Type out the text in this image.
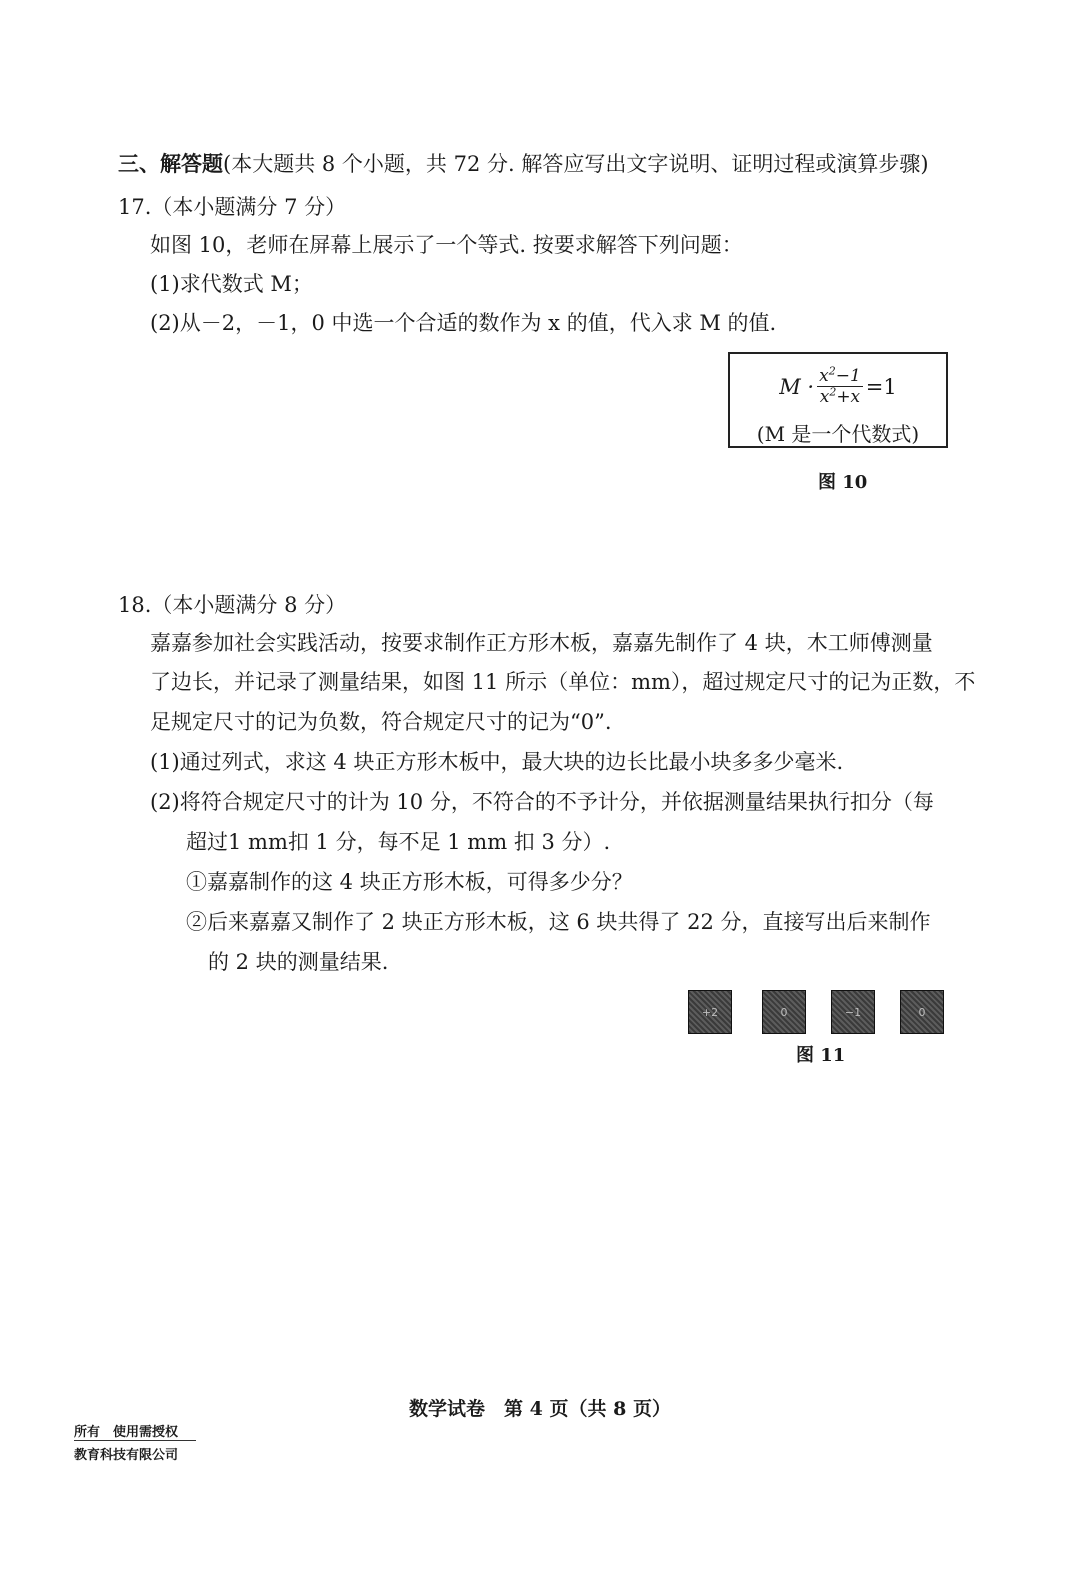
三、解答题(本大题共 8 个小题，共 72 分. 解答应写出文字说明、证明过程或演算步骤)
17.（本小题满分 7 分）
如图 10，老师在屏幕上展示了一个等式. 按要求解答下列问题：
(1)求代数式 M；
(2)从－2，－1，0 中选一个合适的数作为 x 的值，代入求 M 的值.
$M \cdot \frac{x^2-1}{x^2+x} =1$
(M 是一个代数式)
图 10
18.（本小题满分 8 分）
嘉嘉参加社会实践活动，按要求制作正方形木板，嘉嘉先制作了 4 块，木工师傅测量
了边长，并记录了测量结果，如图 11 所示（单位：mm），超过规定尺寸的记为正数，不
足规定尺寸的记为负数，符合规定尺寸的记为“0”.
(1)通过列式，求这 4 块正方形木板中，最大块的边长比最小块多多少毫米.
(2)将符合规定尺寸的计为 10 分，不符合的不予计分，并依据测量结果执行扣分（每
超过1 mm扣 1 分，每不足 1 mm 扣 3 分）.
①嘉嘉制作的这 4 块正方形木板，可得多少分？
②后来嘉嘉又制作了 2 块正方形木板，这 6 块共得了 22 分，直接写出后来制作
的 2 块的测量结果.
+2	0	−1	0
图 11
数学试卷　第 4 页（共 8 页）
所有　使用需授权
教育科技有限公司
